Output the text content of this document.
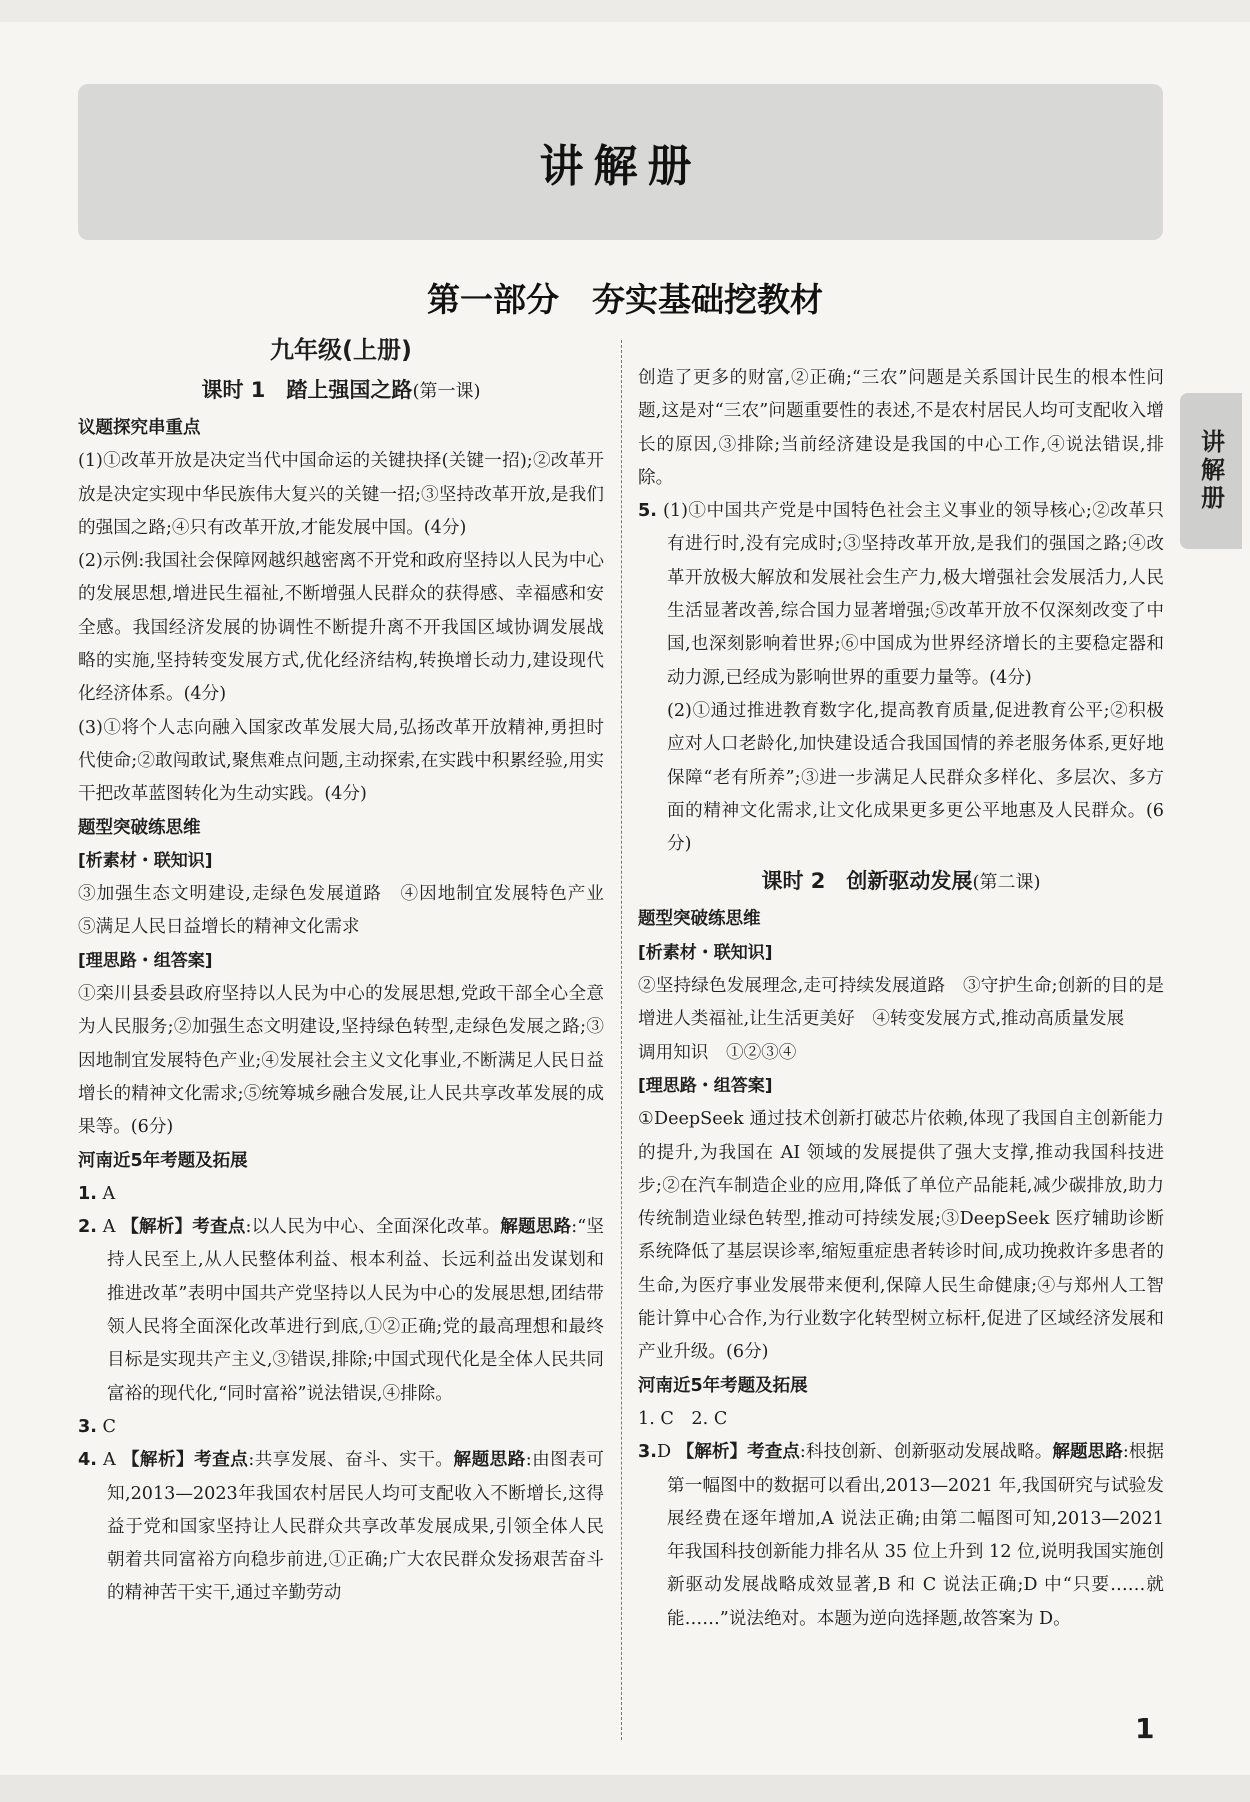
讲解册
第一部分　夯实基础挖教材
讲解册
九年级(上册)
课时 1　踏上强国之路(第一课)
议题探究串重点

(1)①改革开放是决定当代中国命运的关键抉择(关键一招);②改革开放是决定实现中华民族伟大复兴的关键一招;③坚持改革开放,是我们的强国之路;④只有改革开放,才能发展中国。(4分)

(2)示例:我国社会保障网越织越密离不开党和政府坚持以人民为中心的发展思想,增进民生福祉,不断增强人民群众的获得感、幸福感和安全感。我国经济发展的协调性不断提升离不开我国区域协调发展战略的实施,坚持转变发展方式,优化经济结构,转换增长动力,建设现代化经济体系。(4分)

(3)①将个人志向融入国家改革发展大局,弘扬改革开放精神,勇担时代使命;②敢闯敢试,聚焦难点问题,主动探索,在实践中积累经验,用实干把改革蓝图转化为生动实践。(4分)

题型突破练思维
[析素材・联知识]

③加强生态文明建设,走绿色发展道路　④因地制宜发展特色产业　⑤满足人民日益增长的精神文化需求

[理思路・组答案]

①栾川县委县政府坚持以人民为中心的发展思想,党政干部全心全意为人民服务;②加强生态文明建设,坚持绿色转型,走绿色发展之路;③因地制宜发展特色产业;④发展社会主义文化事业,不断满足人民日益增长的精神文化需求;⑤统筹城乡融合发展,让人民共享改革发展的成果等。(6分)

河南近5年考题及拓展

1. A

2. A 【解析】考查点:以人民为中心、全面深化改革。解题思路:“坚持人民至上,从人民整体利益、根本利益、长远利益出发谋划和推进改革”表明中国共产党坚持以人民为中心的发展思想,团结带领人民将全面深化改革进行到底,①②正确;党的最高理想和最终目标是实现共产主义,③错误,排除;中国式现代化是全体人民共同富裕的现代化,“同时富裕”说法错误,④排除。

3. C

4. A 【解析】考查点:共享发展、奋斗、实干。解题思路:由图表可知,2013—2023年我国农村居民人均可支配收入不断增长,这得益于党和国家坚持让人民群众共享改革发展成果,引领全体人民朝着共同富裕方向稳步前进,①正确;广大农民群众发扬艰苦奋斗的精神苦干实干,通过辛勤劳动

创造了更多的财富,②正确;“三农”问题是关系国计民生的根本性问题,这是对“三农”问题重要性的表述,不是农村居民人均可支配收入增长的原因,③排除;当前经济建设是我国的中心工作,④说法错误,排除。

5. (1)①中国共产党是中国特色社会主义事业的领导核心;②改革只有进行时,没有完成时;③坚持改革开放,是我们的强国之路;④改革开放极大解放和发展社会生产力,极大增强社会发展活力,人民生活显著改善,综合国力显著增强;⑤改革开放不仅深刻改变了中国,也深刻影响着世界;⑥中国成为世界经济增长的主要稳定器和动力源,已经成为影响世界的重要力量等。(4分)

(2)①通过推进教育数字化,提高教育质量,促进教育公平;②积极应对人口老龄化,加快建设适合我国国情的养老服务体系,更好地保障“老有所养”;③进一步满足人民群众多样化、多层次、多方面的精神文化需求,让文化成果更多更公平地惠及人民群众。(6分)

课时 2　创新驱动发展(第二课)
题型突破练思维
[析素材・联知识]

②坚持绿色发展理念,走可持续发展道路　③守护生命;创新的目的是增进人类福祉,让生活更美好　④转变发展方式,推动高质量发展

调用知识　①②③④

[理思路・组答案]

①DeepSeek 通过技术创新打破芯片依赖,体现了我国自主创新能力的提升,为我国在 AI 领域的发展提供了强大支撑,推动我国科技进步;②在汽车制造企业的应用,降低了单位产品能耗,减少碳排放,助力传统制造业绿色转型,推动可持续发展;③DeepSeek 医疗辅助诊断系统降低了基层误诊率,缩短重症患者转诊时间,成功挽救许多患者的生命,为医疗事业发展带来便利,保障人民生命健康;④与郑州人工智能计算中心合作,为行业数字化转型树立标杆,促进了区域经济发展和产业升级。(6分)

河南近5年考题及拓展

1. C　2. C

3.D 【解析】考查点:科技创新、创新驱动发展战略。解题思路:根据第一幅图中的数据可以看出,2013—2021 年,我国研究与试验发展经费在逐年增加,A 说法正确;由第二幅图可知,2013—2021 年我国科技创新能力排名从 35 位上升到 12 位,说明我国实施创新驱动发展战略成效显著,B 和 C 说法正确;D 中“只要……就能……”说法绝对。本题为逆向选择题,故答案为 D。

1
